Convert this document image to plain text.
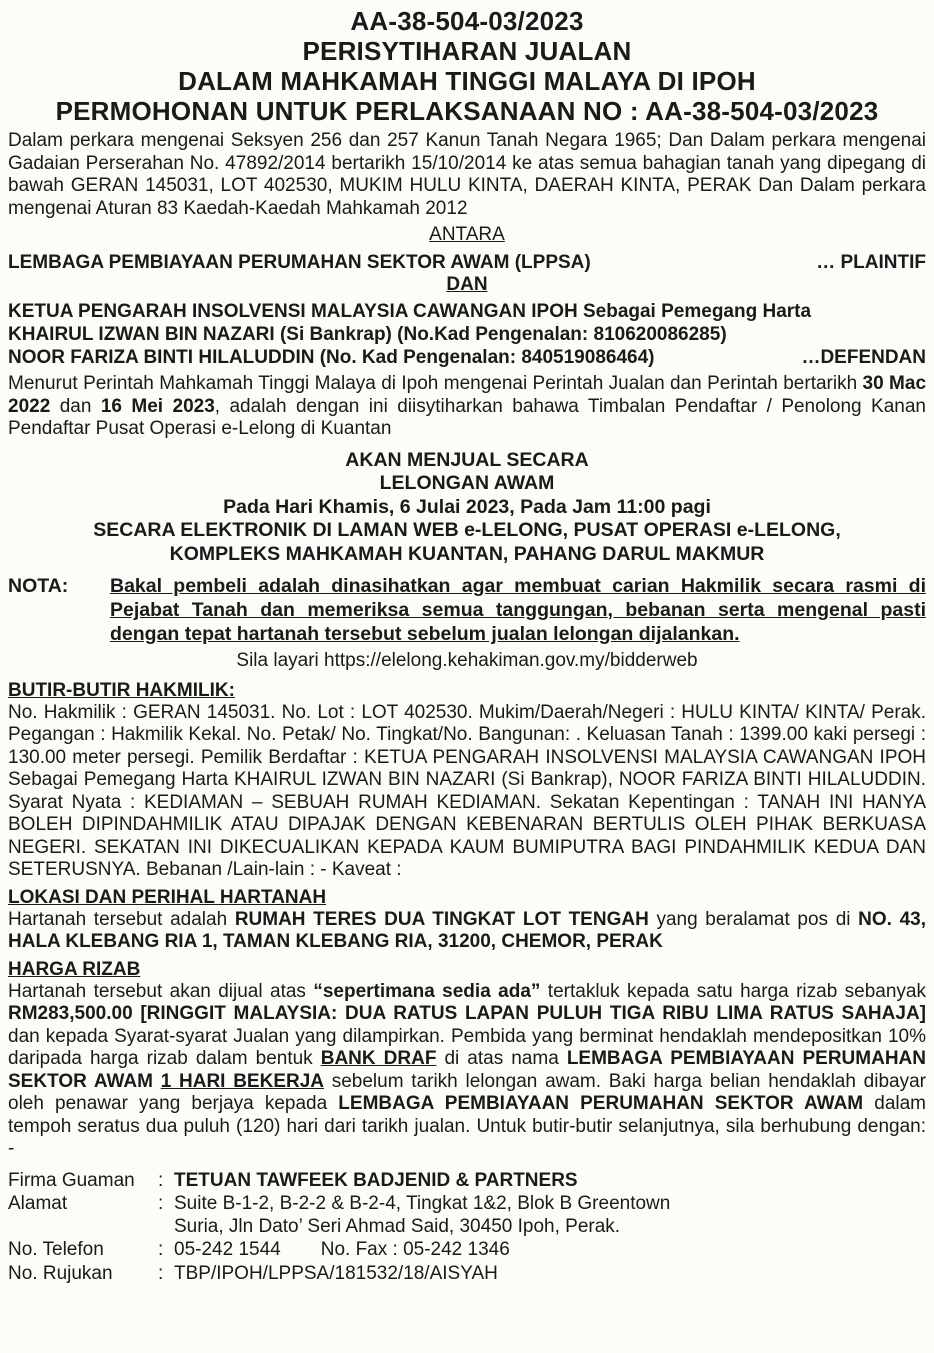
AA-38-504-03/2023
PERISYTIHARAN JUALAN
DALAM MAHKAMAH TINGGI MALAYA DI IPOH
PERMOHONAN UNTUK PERLAKSANAAN NO : AA-38-504-03/2023
Dalam perkara mengenai Seksyen 256 dan 257 Kanun Tanah Negara 1965; Dan Dalam perkara mengenai Gadaian Perserahan No. 47892/2014 bertarikh 15/10/2014 ke atas semua bahagian tanah yang dipegang di bawah GERAN 145031, LOT 402530, MUKIM HULU KINTA, DAERAH KINTA, PERAK Dan Dalam perkara mengenai Aturan 83 Kaedah-Kaedah Mahkamah 2012
ANTARA
LEMBAGA PEMBIAYAAN PERUMAHAN SEKTOR AWAM (LPPSA)	… PLAINTIF
DAN
KETUA PENGARAH INSOLVENSI MALAYSIA CAWANGAN IPOH Sebagai Pemegang Harta
KHAIRUL IZWAN BIN NAZARI (Si Bankrap) (No.Kad Pengenalan: 810620086285)
NOOR FARIZA BINTI HILALUDDIN (No. Kad Pengenalan: 840519086464)	…DEFENDAN
Menurut Perintah Mahkamah Tinggi Malaya di Ipoh mengenai Perintah Jualan dan Perintah bertarikh 30 Mac 2022 dan 16 Mei 2023, adalah dengan ini diisytiharkan bahawa Timbalan Pendaftar / Penolong Kanan Pendaftar Pusat Operasi e-Lelong di Kuantan
AKAN MENJUAL SECARA
LELONGAN AWAM
Pada Hari Khamis, 6 Julai 2023, Pada Jam 11:00 pagi
SECARA ELEKTRONIK DI LAMAN WEB e-LELONG, PUSAT OPERASI e-LELONG,
KOMPLEKS MAHKAMAH KUANTAN, PAHANG DARUL MAKMUR
NOTA:	Bakal pembeli adalah dinasihatkan agar membuat carian Hakmilik secara rasmi di Pejabat Tanah dan memeriksa semua tanggungan, bebanan serta mengenal pasti dengan tepat hartanah tersebut sebelum jualan lelongan dijalankan.
Sila layari https://elelong.kehakiman.gov.my/bidderweb
BUTIR-BUTIR HAKMILIK:
No. Hakmilik : GERAN 145031. No. Lot : LOT 402530. Mukim/Daerah/Negeri : HULU KINTA/ KINTA/ Perak. Pegangan : Hakmilik Kekal. No. Petak/ No. Tingkat/No. Bangunan: . Keluasan Tanah : 1399.00 kaki persegi : 130.00 meter persegi. Pemilik Berdaftar : KETUA PENGARAH INSOLVENSI MALAYSIA CAWANGAN IPOH Sebagai Pemegang Harta KHAIRUL IZWAN BIN NAZARI (Si Bankrap), NOOR FARIZA BINTI HILALUDDIN. Syarat Nyata : KEDIAMAN – SEBUAH RUMAH KEDIAMAN. Sekatan Kepentingan : TANAH INI HANYA BOLEH DIPINDAHMILIK ATAU DIPAJAK DENGAN KEBENARAN BERTULIS OLEH PIHAK BERKUASA NEGERI. SEKATAN INI DIKECUALIKAN KEPADA KAUM BUMIPUTRA BAGI PINDAHMILIK KEDUA DAN SETERUSNYA. Bebanan /Lain-lain : - Kaveat :
LOKASI DAN PERIHAL HARTANAH
Hartanah tersebut adalah RUMAH TERES DUA TINGKAT LOT TENGAH yang beralamat pos di NO. 43, HALA KLEBANG RIA 1, TAMAN KLEBANG RIA, 31200, CHEMOR, PERAK
HARGA RIZAB
Hartanah tersebut akan dijual atas “sepertimana sedia ada” tertakluk kepada satu harga rizab sebanyak RM283,500.00 [RINGGIT MALAYSIA: DUA RATUS LAPAN PULUH TIGA RIBU LIMA RATUS SAHAJA] dan kepada Syarat-syarat Jualan yang dilampirkan. Pembida yang berminat hendaklah mendepositkan 10% daripada harga rizab dalam bentuk BANK DRAF di atas nama LEMBAGA PEMBIAYAAN PERUMAHAN SEKTOR AWAM 1 HARI BEKERJA sebelum tarikh lelongan awam. Baki harga belian hendaklah dibayar oleh penawar yang berjaya kepada LEMBAGA PEMBIAYAAN PERUMAHAN SEKTOR AWAM dalam tempoh seratus dua puluh (120) hari dari tarikh jualan. Untuk butir-butir selanjutnya, sila berhubung dengan: -
Firma Guaman	: TETUAN TAWFEEK BADJENID & PARTNERS
Alamat	: Suite B-1-2, B-2-2 & B-2-4, Tingkat 1&2, Blok B Greentown
Suria, Jln Dato’ Seri Ahmad Said, 30450 Ipoh, Perak.
No. Telefon	: 05-242 1544 No. Fax : 05-242 1346
No. Rujukan	: TBP/IPOH/LPPSA/181532/18/AISYAH
